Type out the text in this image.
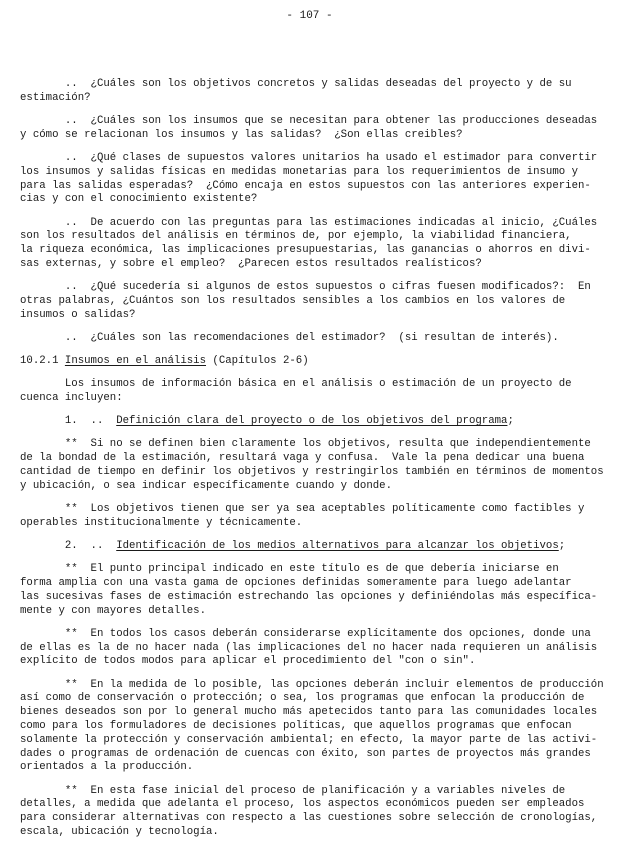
- 107 -
..  ¿Cuáles son los objetivos concretos y salidas deseadas del proyecto y de su
estimación?
..  ¿Cuáles son los insumos que se necesitan para obtener las producciones deseadas
y cómo se relacionan los insumos y las salidas?  ¿Son ellas creibles?
..  ¿Qué clases de supuestos valores unitarios ha usado el estimador para convertir
los insumos y salidas físicas en medidas monetarias para los requerimientos de insumo y
para las salidas esperadas?  ¿Cómo encaja en estos supuestos con las anteriores experien-
cias y con el conocimiento existente?
..  De acuerdo con las preguntas para las estimaciones indicadas al inicio, ¿Cuáles
son los resultados del análisis en términos de, por ejemplo, la viabilidad financiera,
la riqueza económica, las implicaciones presupuestarias, las ganancias o ahorros en divi-
sas externas, y sobre el empleo?  ¿Parecen estos resultados realísticos?
..  ¿Qué sucedería si algunos de estos supuestos o cifras fuesen modificados?:  En
otras palabras, ¿Cuántos son los resultados sensibles a los cambios en los valores de
insumos o salidas?
..  ¿Cuáles son las recomendaciones del estimador?  (si resultan de interés).
10.2.1 Insumos en el análisis (Capítulos 2-6)
Los insumos de información básica en el análisis o estimación de un proyecto de
cuenca incluyen:
1.  ..  Definición clara del proyecto o de los objetivos del programa;
**  Si no se definen bien claramente los objetivos, resulta que independientemente
de la bondad de la estimación, resultará vaga y confusa.  Vale la pena dedicar una buena
cantidad de tiempo en definir los objetivos y restringirlos también en términos de momentos
y ubicación, o sea indicar específicamente cuando y donde.
**  Los objetivos tienen que ser ya sea aceptables políticamente como factibles y
operables institucionalmente y técnicamente.
2.  ..  Identificación de los medios alternativos para alcanzar los objetivos;
**  El punto principal indicado en este título es de que debería iniciarse en
forma amplia con una vasta gama de opciones definidas someramente para luego adelantar
las sucesivas fases de estimación estrechando las opciones y definiéndolas más específica-
mente y con mayores detalles.
**  En todos los casos deberán considerarse explícitamente dos opciones, donde una
de ellas es la de no hacer nada (las implicaciones del no hacer nada requieren un análisis
explícito de todos modos para aplicar el procedimiento del "con o sin".
**  En la medida de lo posible, las opciones deberán incluir elementos de producción
así como de conservación o protección; o sea, los programas que enfocan la producción de
bienes deseados son por lo general mucho más apetecidos tanto para las comunidades locales
como para los formuladores de decisiones políticas, que aquellos programas que enfocan
solamente la protección y conservación ambiental; en efecto, la mayor parte de las activi-
dades o programas de ordenación de cuencas con éxito, son partes de proyectos más grandes
orientados a la producción.
**  En esta fase inicial del proceso de planificación y a variables niveles de
detalles, a medida que adelanta el proceso, los aspectos económicos pueden ser empleados
para considerar alternativas con respecto a las cuestiones sobre selección de cronologías,
escala, ubicación y tecnología.
